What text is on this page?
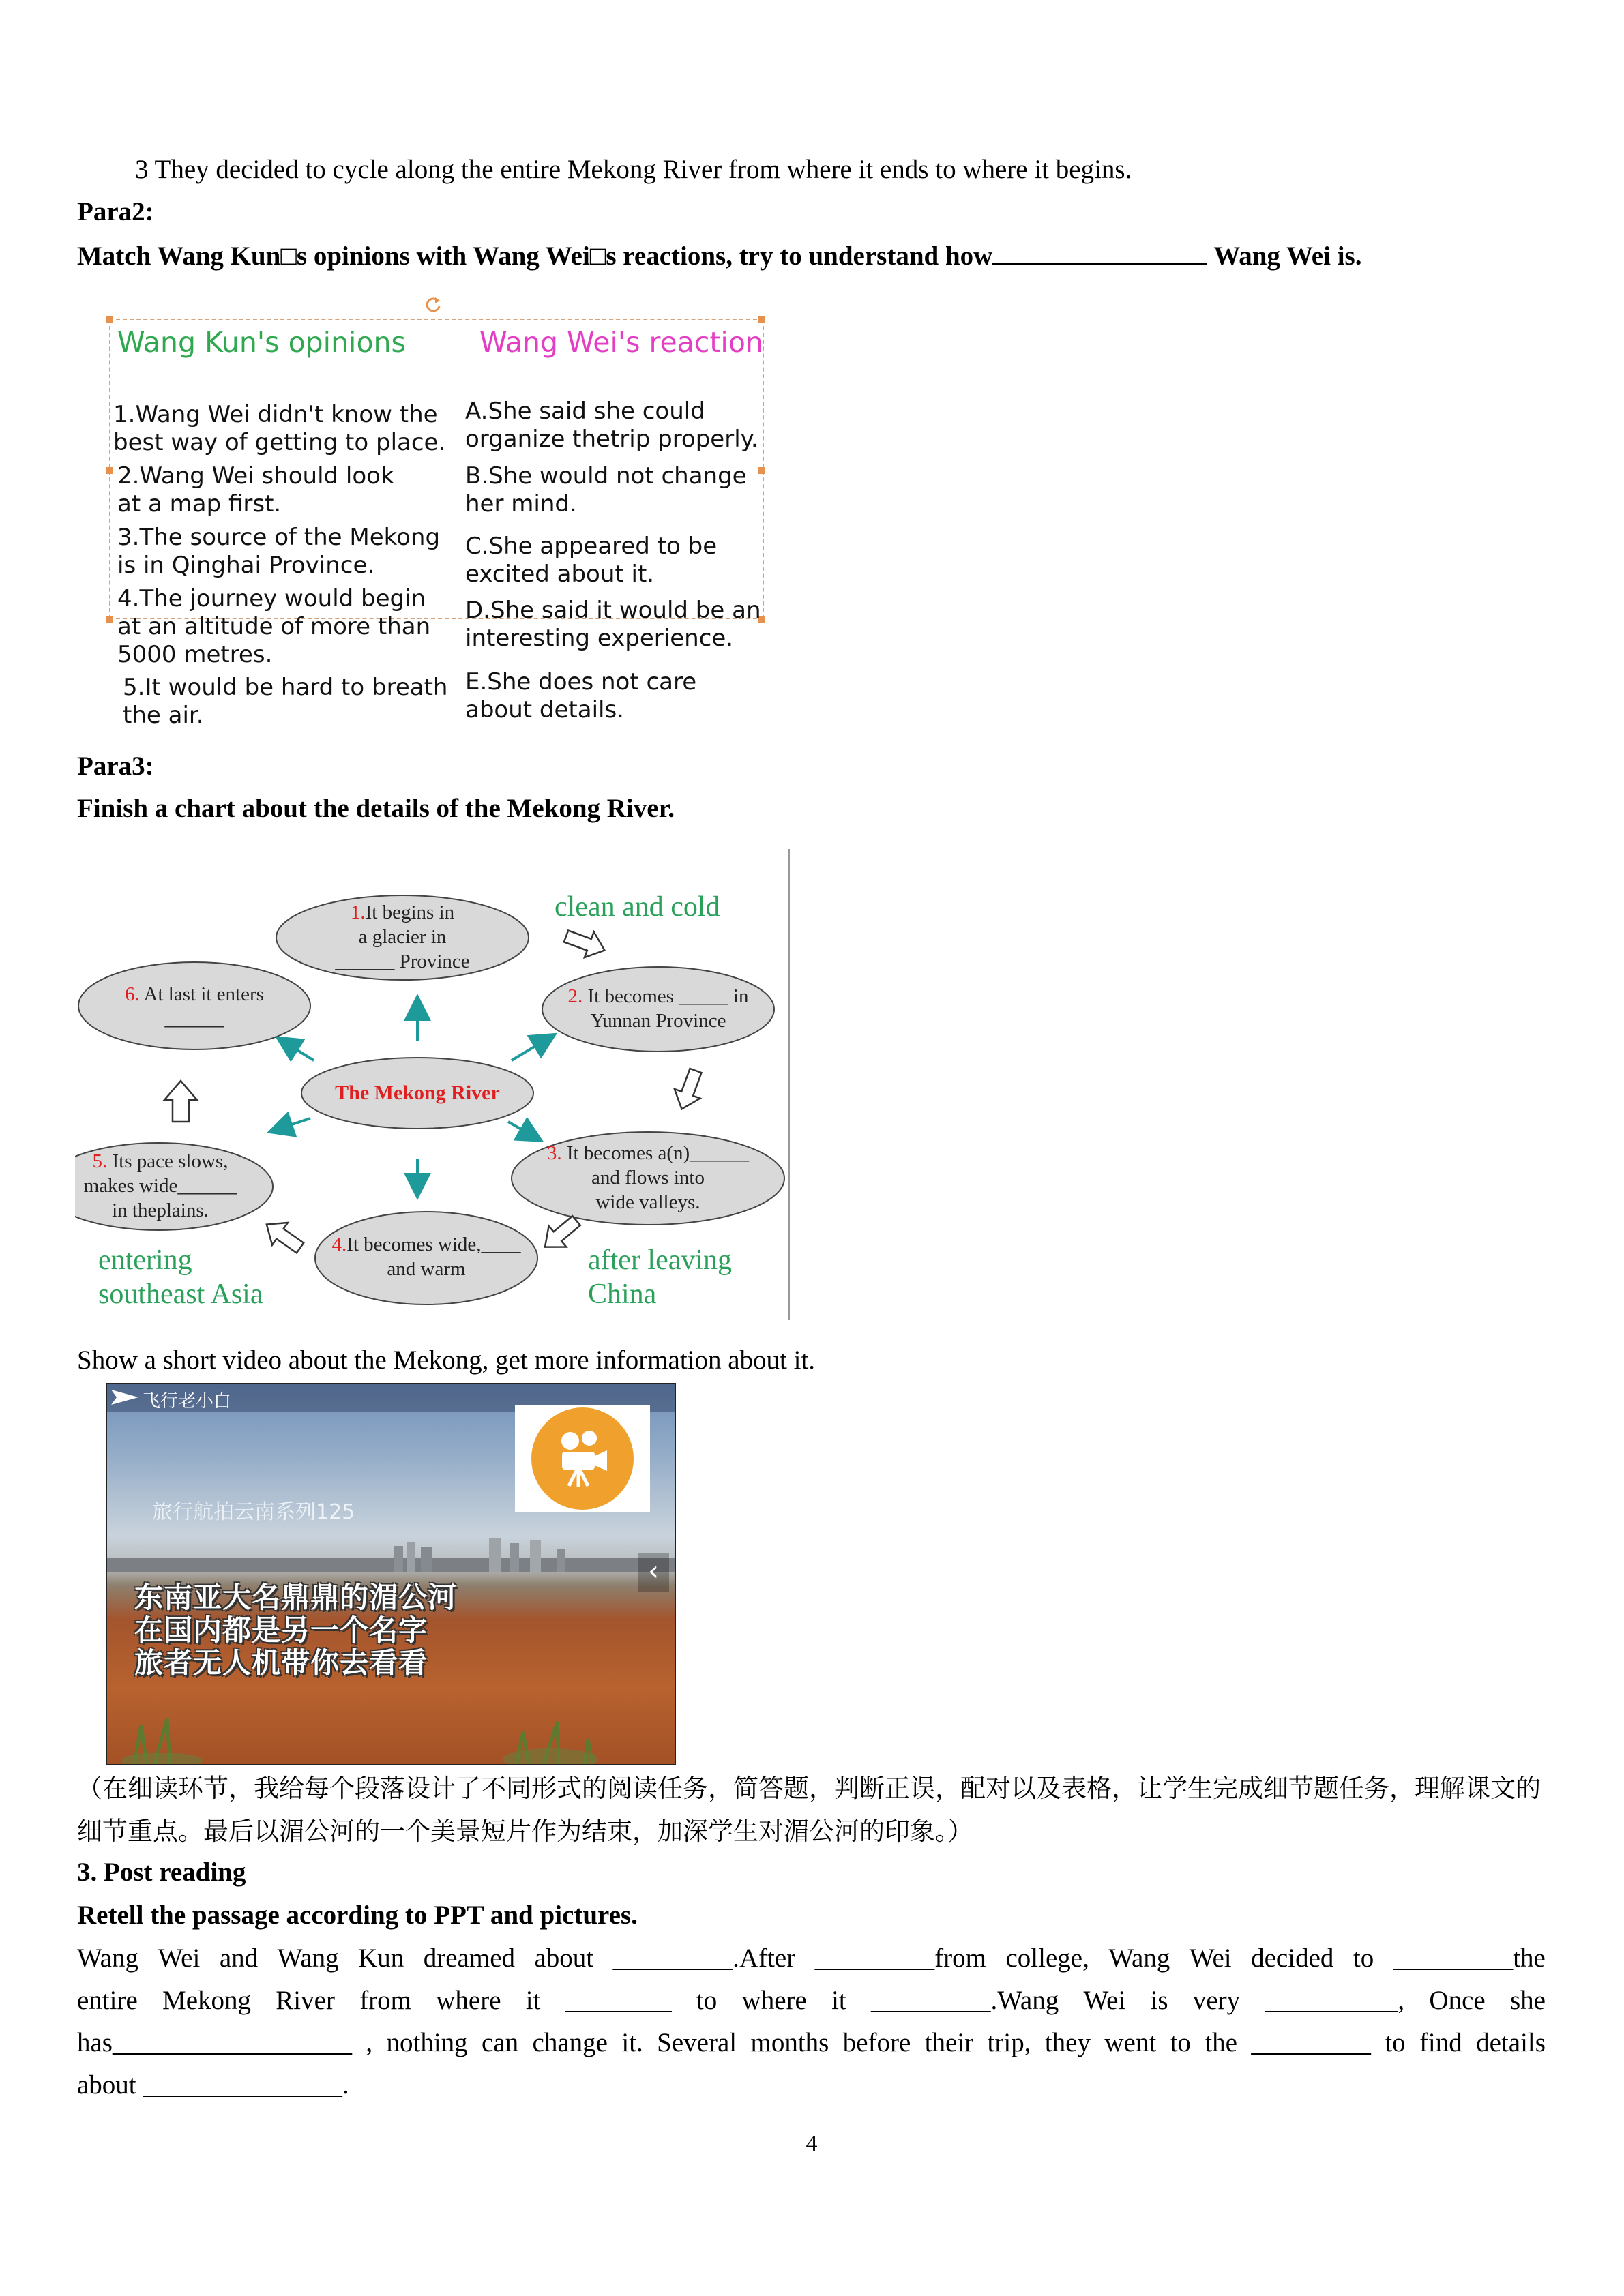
3 They decided to cycle along the entire Mekong River from where it ends to where it begins.
Para2:
Match Wang Kun□s opinions with Wang Wei□s reactions, try to understand how	Wang Wei is.
Wang Kun's opinions	Wang Wei's reaction
1.Wang Wei didn't know the
best way of getting to place.
2.Wang Wei should look
at a map first.
3.The source of the Mekong
is in Qinghai Province.
4.The journey would begin
at an altitude of more than
5000 metres.
5.It would be hard to breath
the air.
A.She said she could
organize thetrip properly.
B.She would not change
her mind.
C.She appeared to be
excited about it.
D.She said it would be an
interesting experience.
E.She does not care
about details.
Para3:
Finish a chart about the details of the Mekong River.
1.It begins in
a glacier in
______ Province
2. It becomes _____ in
Yunnan Province
3. It becomes a(n)______
and flows into
wide valleys.
4.It becomes wide,____
and warm
5. Its pace slows,
makes wide______
in theplains.
6. At last it enters
______
The Mekong River
clean and cold
after leaving
China
entering
southeast Asia
Show a short video about the Mekong, get more information about it.
飞行老小白
旅行航拍云南系列125
‹
东南亚大名鼎鼎的湄公河
在国内都是另一个名字
旅者无人机带你去看看
（在细读环节，我给每个段落设计了不同形式的阅读任务，简答题，判断正误，配对以及表格，让学生完成细节题任务，理解课文的细节重点。最后以湄公河的一个美景短片作为结束，加深学生对湄公河的印象。）
3. Post reading
Retell the passage according to PPT and pictures.
Wang Wei and Wang Kun dreamed about _________.After _________from college, Wang Wei decided to _________the
entire Mekong River from where it ________ to where it _________.Wang Wei is very __________, Once she
has__________________ , nothing can change it. Several months before their trip, they went to the _________ to find details
about _______________.
4
